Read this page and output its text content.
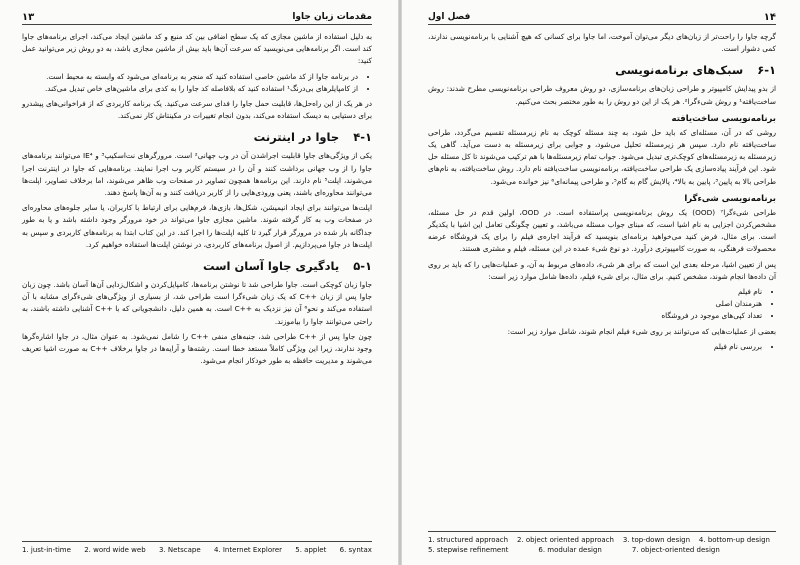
۱۳	مقدمات زبان جاوا

به دلیل استفاده از ماشین مجازی که یک سطح اضافی بین کد منبع و کد ماشین ایجاد می‌کند، اجرای برنامه‌های جاوا کند است. اگر برنامه‌هایی می‌نویسید که سرعت آن‌ها باید بیش از ماشین مجازی باشد، به دو روش زیر می‌توانید عمل کنید:

• در برنامه جاوا از کد ماشین خاصی استفاده کنید که منجر به برنامه‌ای می‌شود که وابسته به محیط است.
• از کامپایلرهای بی‌درنگ¹ استفاده کنید که بلافاصله کد جاوا را به کدی برای ماشین‌های خاص تبدیل می‌کند.

در هر یک از این راه‌حل‌ها، قابلیت حمل جاوا را فدای سرعت می‌کنید. یک برنامه کاربردی که از فراخوانی‌های پیشدرو برای دستیابی به دیسک استفاده می‌کند، بدون انجام تغییرات در مکینتاش کار نمی‌کند.

۴-۱ جاوا در اینترنت

یکی از ویژگی‌های جاوا قابلیت اجراشدن آن در وب جهانی² است. مرورگرهای نت‌اسکیپ³ و IE⁴ می‌توانند برنامه‌های جاوا را از وب جهانی برداشت کنند و آن را در سیستم کاربر وب اجرا نمایند. برنامه‌هایی که جاوا در اینترنت اجرا می‌شوند، اپلت⁵ نام دارند. این برنامه‌ها همچون تصاویر در صفحات وب ظاهر می‌شوند، اما برخلاف تصاویر، اپلت‌ها می‌توانند محاوره‌ای باشند، یعنی ورودی‌هایی را از کاربر دریافت کنند و به آن‌ها پاسخ دهند.

اپلت‌ها می‌توانند برای ایجاد انیمیشن، شکل‌ها، بازی‌ها، فرم‌هایی برای ارتباط با کاربران، یا سایر جلوه‌های محاوره‌ای در صفحات وب به کار گرفته شوند. ماشین مجازی جاوا می‌تواند در خود مرورگر وجود داشته باشد و یا به طور جداگانه بار شده در مرورگر قرار گیرد تا کلیه اپلت‌ها را اجرا کند. در این کتاب ابتدا به برنامه‌های کاربردی و سپس به اپلت‌ها در جاوا می‌پردازیم. از اصول برنامه‌های کاربردی، در نوشتن اپلت‌ها استفاده خواهیم کرد.

۵-۱ یادگیری جاوا آسان است

جاوا زبان کوچکی است. جاوا طراحی شد تا نوشتن برنامه‌ها، کامپایل‌کردن و اشکال‌زدایی آن‌ها آسان باشد. چون زبان جاوا پس از زبان ++C که یک زبان شیءگرا است طراحی شد، از بسیاری از ویژگی‌های شیءگرای مشابه با آن استفاده می‌کند و نحو⁶ آن نیز نزدیک به ++C است. به همین دلیل، دانشجویانی که با ++C آشنایی داشته باشند، به راحتی می‌توانند جاوا را بیاموزند.

چون جاوا پس از ++C طراحی شد، جنبه‌های منفی ++C را شامل نمی‌شود. به عنوان مثال، در جاوا اشاره‌گرها وجود ندارند، زیرا این ویژگی کاملاً مستعد خطا است. رشته‌ها و آرایه‌ها در جاوا برخلاف ++C به صورت اشیا تعریف می‌شوند و مدیریت حافظه به طور خودکار انجام می‌شود.

1. just-in-time 2. word wide web 3. Netscape 4. Internet Explorer 5. applet 6. syntax
فصل اول	۱۴

گرچه جاوا را راحت‌تر از زبان‌های دیگر می‌توان آموخت، اما جاوا برای کسانی که هیچ آشنایی با برنامه‌نویسی ندارند، کمی دشوار است.

۶-۱ سبک‌های برنامه‌نویسی

از بدو پیدایش کامپیوتر و طراحی زبان‌های برنامه‌سازی، دو روش معروف طراحی برنامه‌نویسی مطرح شدند: روش ساخت‌یافته¹ و روش شیءگرا². هر یک از این دو روش را به طور مختصر بحث می‌کنیم.

برنامه‌نویسی ساخت‌یافته

روشی که در آن، مسئله‌ای که باید حل شود، به چند مسئله کوچک به نام زیرمسئله تقسیم می‌گردد، طراحی ساخت‌یافته نام دارد. سپس هر زیرمسئله تحلیل می‌شود، و جوابی برای زیرمسئله به دست می‌آید. گاهی یک زیرمسئله به زیرمسئله‌های کوچک‌تری تبدیل می‌شود. جواب تمام زیرمسئله‌ها با هم ترکیب می‌شوند تا کل مسئله حل شود. این فرآیند پیاده‌سازی یک طراحی ساخت‌یافته، برنامه‌نویسی ساخت‌یافته نام دارد. روش ساخت‌یافته، به نام‌های طراحی بالا به پایین³، پایین به بالا⁴، پالایش گام به گام⁵، و طراحی پیمانه‌ای⁶ نیز خوانده می‌شود.

برنامه‌نویسی شیءگرا

طراحی شیءگرا⁷ (OOD) یک روش برنامه‌نویسی پرا‌ستفاده است. در OOD، اولین قدم در حل مسئله، مشخص‌کردن اجزایی به نام اشیا است، که مبنای جواب مسئله می‌باشد، و تعیین چگونگی تعامل این اشیا با یکدیگر است. برای مثال، فرض کنید می‌خواهید برنامه‌ای بنویسید که فرآیند اجاره‌ی فیلم را برای یک فروشگاه عرضه محصولات فرهنگی، به صورت کامپیوتری درآورد. دو نوع شیء عمده در این مسئله، فیلم و مشتری هستند.

پس از تعیین اشیا، مرحله بعدی این است که برای هر شیء، داده‌های مربوط به آن، و عملیات‌هایی را که باید بر روی آن داده‌ها انجام شوند، مشخص کنیم. برای مثال، برای شیء فیلم، داده‌ها شامل موارد زیر است:

• نام فیلم
• هنرمندان اصلی
• تعداد کپی‌های موجود در فروشگاه

بعضی از عملیات‌هایی که می‌توانند بر روی شیء فیلم انجام شوند، شامل موارد زیر است:

• بررسی نام فیلم
1. structured approach 2. object oriented approach 3. top-down design 4. bottom-up design
5. stepwise refinement	6. modular design	7. object-oriented design
